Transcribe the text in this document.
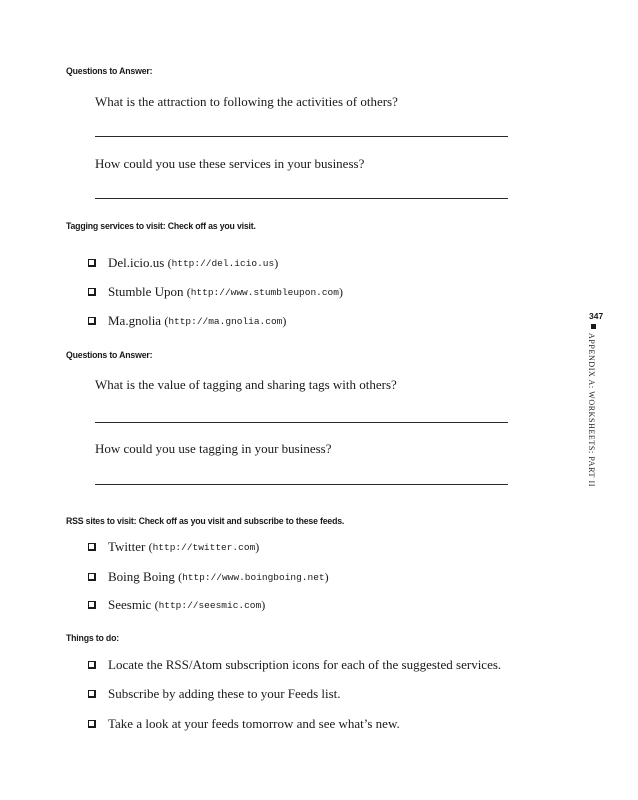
Questions to Answer:
What is the attraction to following the activities of others?
How could you use these services in your business?
Tagging services to visit: Check off as you visit.
Del.icio.us
( http://del.icio.us )
Stumble Upon
( http://www.stumbleupon.com )
Ma.gnolia
( http://ma.gnolia.com )
Questions to Answer:
What is the value of tagging and sharing tags with others?
How could you use tagging in your business?
RSS sites to visit: Check off as you visit and subscribe to these feeds.
Twitter
( http://twitter.com )
Boing Boing
( http://www.boingboing.net )
Seesmic
( http://seesmic.com )
Things to do:
Locate the RSS/Atom subscription icons for each of the suggested services.
Subscribe by adding these to your Feeds list.
Take a look at your feeds tomorrow and see what’s new.
347
APPENDIX A: WORKSHEETS: PART II
